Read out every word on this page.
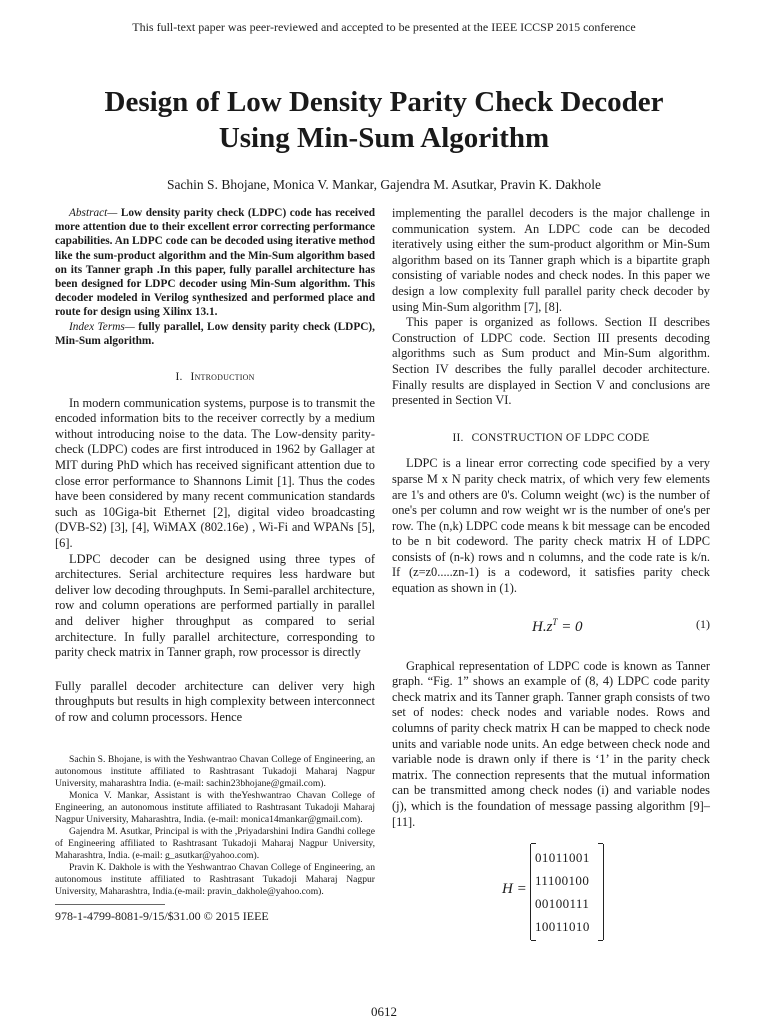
This full-text paper was peer-reviewed and accepted to be presented at the IEEE ICCSP 2015 conference
Design of Low Density Parity Check Decoder
Using Min-Sum Algorithm
Sachin S. Bhojane, Monica V. Mankar, Gajendra M. Asutkar, Pravin K. Dakhole

Abstract— Low density parity check (LDPC) code has received more attention due to their excellent error correcting performance capabilities. An LDPC code can be decoded using iterative method like the sum-product algorithm and the Min-Sum algorithm based on its Tanner graph .In this paper, fully parallel architecture has been designed for LDPC decoder using Min-Sum algorithm. This decoder modeled in Verilog synthesized and performed place and route for design using Xilinx 13.1.

Index Terms— fully parallel, Low density parity check (LDPC), Min-Sum algorithm.

I. Introduction

In modern communication systems, purpose is to transmit the encoded information bits to the receiver correctly by a medium without introducing noise to the data. The Low-density parity-check (LDPC) codes are first introduced in 1962 by Gallager at MIT during PhD which has received significant attention due to close error performance to Shannons Limit [1]. Thus the codes have been considered by many recent communication standards such as 10Giga-bit Ethernet [2], digital video broadcasting (DVB-S2) [3], [4], WiMAX (802.16e) , Wi-Fi and WPANs [5], [6].

LDPC decoder can be designed using three types of architectures. Serial architecture requires less hardware but deliver low decoding throughputs. In Semi-parallel architecture, row and column operations are performed partially in parallel and deliver higher throughput as compared to serial architecture. In fully parallel architecture, corresponding to parity check matrix in Tanner graph, row processor is directly

Fully parallel decoder architecture can deliver very high throughputs but results in high complexity between interconnect of row and column processors. Hence

Sachin S. Bhojane, is with the Yeshwantrao Chavan College of Engineering, an autonomous institute affiliated to Rashtrasant Tukadoji Maharaj Nagpur University, maharashtra India. (e-mail: sachin23bhojane@gmail.com).

Monica V. Mankar, Assistant is with theYeshwantrao Chavan College of Engineering, an autonomous institute affiliated to Rashtrasant Tukadoji Maharaj Nagpur University, Maharashtra, India. (e-mail: monica14mankar@gmail.com).

Gajendra M. Asutkar, Principal is with the ,Priyadarshini Indira Gandhi college of Engineering affiliated to Rashtrasant Tukadoji Maharaj Nagpur University, Maharashtra, India. (e-mail: g_asutkar@yahoo.com).

Pravin K. Dakhole is with the Yeshwantrao Chavan College of Engineering, an autonomous institute affiliated to Rashtrasant Tukadoji Maharaj Nagpur University, Maharashtra, India.(e-mail: pravin_dakhole@yahoo.com).

978-1-4799-8081-9/15/$31.00 © 2015 IEEE

implementing the parallel decoders is the major challenge in communication system. An LDPC code can be decoded iteratively using either the sum-product algorithm or Min-Sum algorithm based on its Tanner graph which is a bipartite graph consisting of variable nodes and check nodes. In this paper we design a low complexity full parallel parity check decoder by using Min-Sum algorithm [7], [8].

This paper is organized as follows. Section II describes Construction of LDPC code. Section III presents decoding algorithms such as Sum product and Min-Sum algorithm. Section IV describes the fully parallel decoder architecture. Finally results are displayed in Section V and conclusions are presented in Section VI.

II. CONSTRUCTION OF LDPC CODE

LDPC is a linear error correcting code specified by a very sparse M x N parity check matrix, of which very few elements are 1's and others are 0's. Column weight (wc) is the number of one's per column and row weight wr is the number of one's per row. The (n,k) LDPC code means k bit message can be encoded to be n bit codeword. The parity check matrix H of LDPC consists of (n-k) rows and n columns, and the code rate is k/n. If (z=z0.....zn-1) is a codeword, it satisfies parity check equation as shown in (1).

$H.z^T = 0$	(1)

Graphical representation of LDPC code is known as Tanner graph. “Fig. 1” shows an example of (8, 4) LDPC code parity check matrix and its Tanner graph. Tanner graph consists of two set of nodes: check nodes and variable nodes. Rows and columns of parity check matrix H can be mapped to check node units and variable node units. An edge between check node and variable node is drawn only if there is ‘1’ in the parity check matrix. The connection represents that the mutual information can be transmitted among check nodes (i) and variable nodes (j), which is the foundation of message passing algorithm [9]–[11].

H =
01011001
11100100
00100111
10011010
0612
